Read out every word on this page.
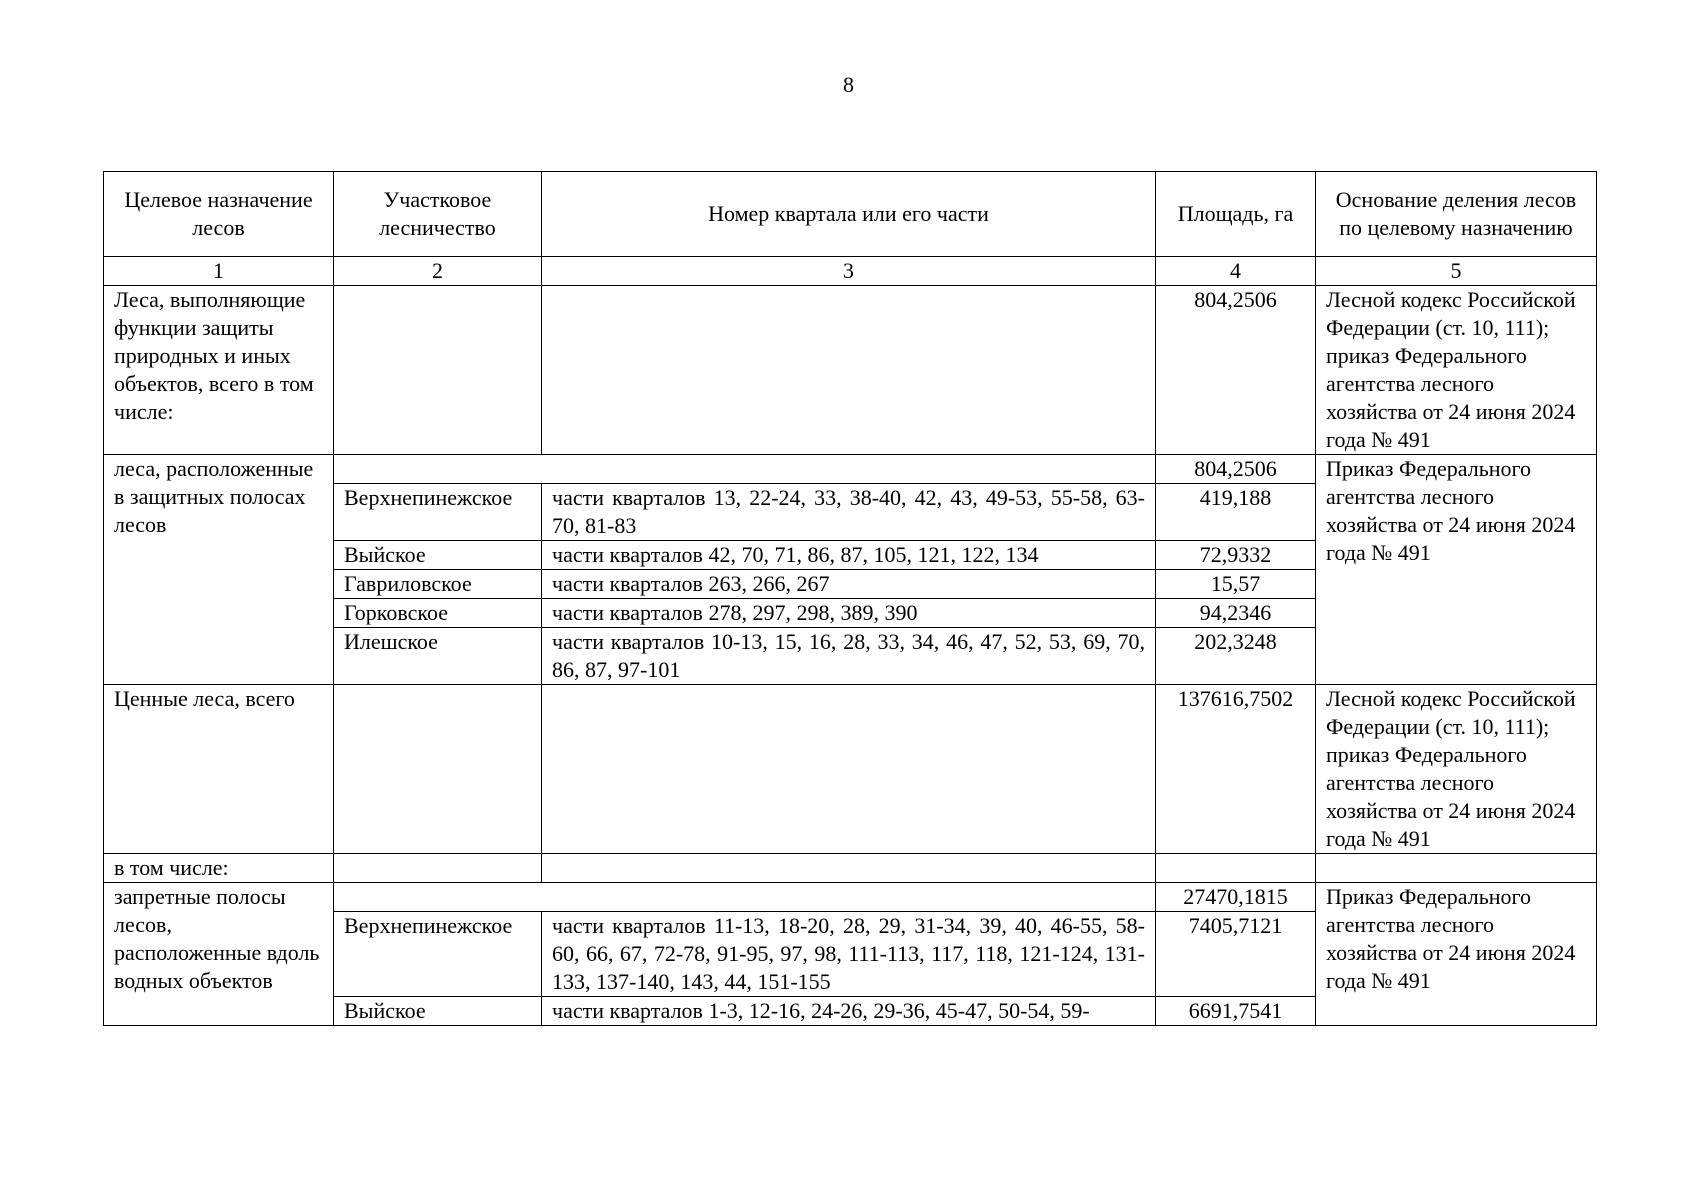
8
Целевое назначение лесов	Участковое лесничество	Номер квартала или его части	Площадь, га	Основание деления лесов по целевому назначению
1	2	3	4	5
Леса, выполняющие функции защиты природных и иных объектов, всего в том числе:			804,2506	Лесной кодекс Российской Федерации (ст. 10, 111); приказ Федерального агентства лесного хозяйства от 24 июня 2024 года № 491
леса, расположенные в защитных полосах лесов			804,2506	Приказ Федерального агентства лесного хозяйства от 24 июня 2024 года № 491
	Верхнепинежское	части кварталов 13, 22-24, 33, 38-40, 42, 43, 49-53, 55-58, 63-70, 81-83	419,188	
	Выйское	части кварталов 42, 70, 71, 86, 87, 105, 121, 122, 134	72,9332	
	Гавриловское	части кварталов 263, 266, 267	15,57	
	Горковское	части кварталов 278, 297, 298, 389, 390	94,2346	
	Илешское	части кварталов 10-13, 15, 16, 28, 33, 34, 46, 47, 52, 53, 69, 70, 86, 87, 97-101	202,3248	
Ценные леса, всего			137616,7502	Лесной кодекс Российской Федерации (ст. 10, 111); приказ Федерального агентства лесного хозяйства от 24 июня 2024 года № 491
в том числе:				
запретные полосы лесов, расположенные вдоль водных объектов			27470,1815	Приказ Федерального агентства лесного хозяйства от 24 июня 2024 года № 491
	Верхнепинежское	части кварталов 11-13, 18-20, 28, 29, 31-34, 39, 40, 46-55, 58-60, 66, 67, 72-78, 91-95, 97, 98, 111-113, 117, 118, 121-124, 131-133, 137-140, 143, 44, 151-155	7405,7121	
	Выйское	части кварталов 1-3, 12-16, 24-26, 29-36, 45-47, 50-54, 59-	6691,7541	
